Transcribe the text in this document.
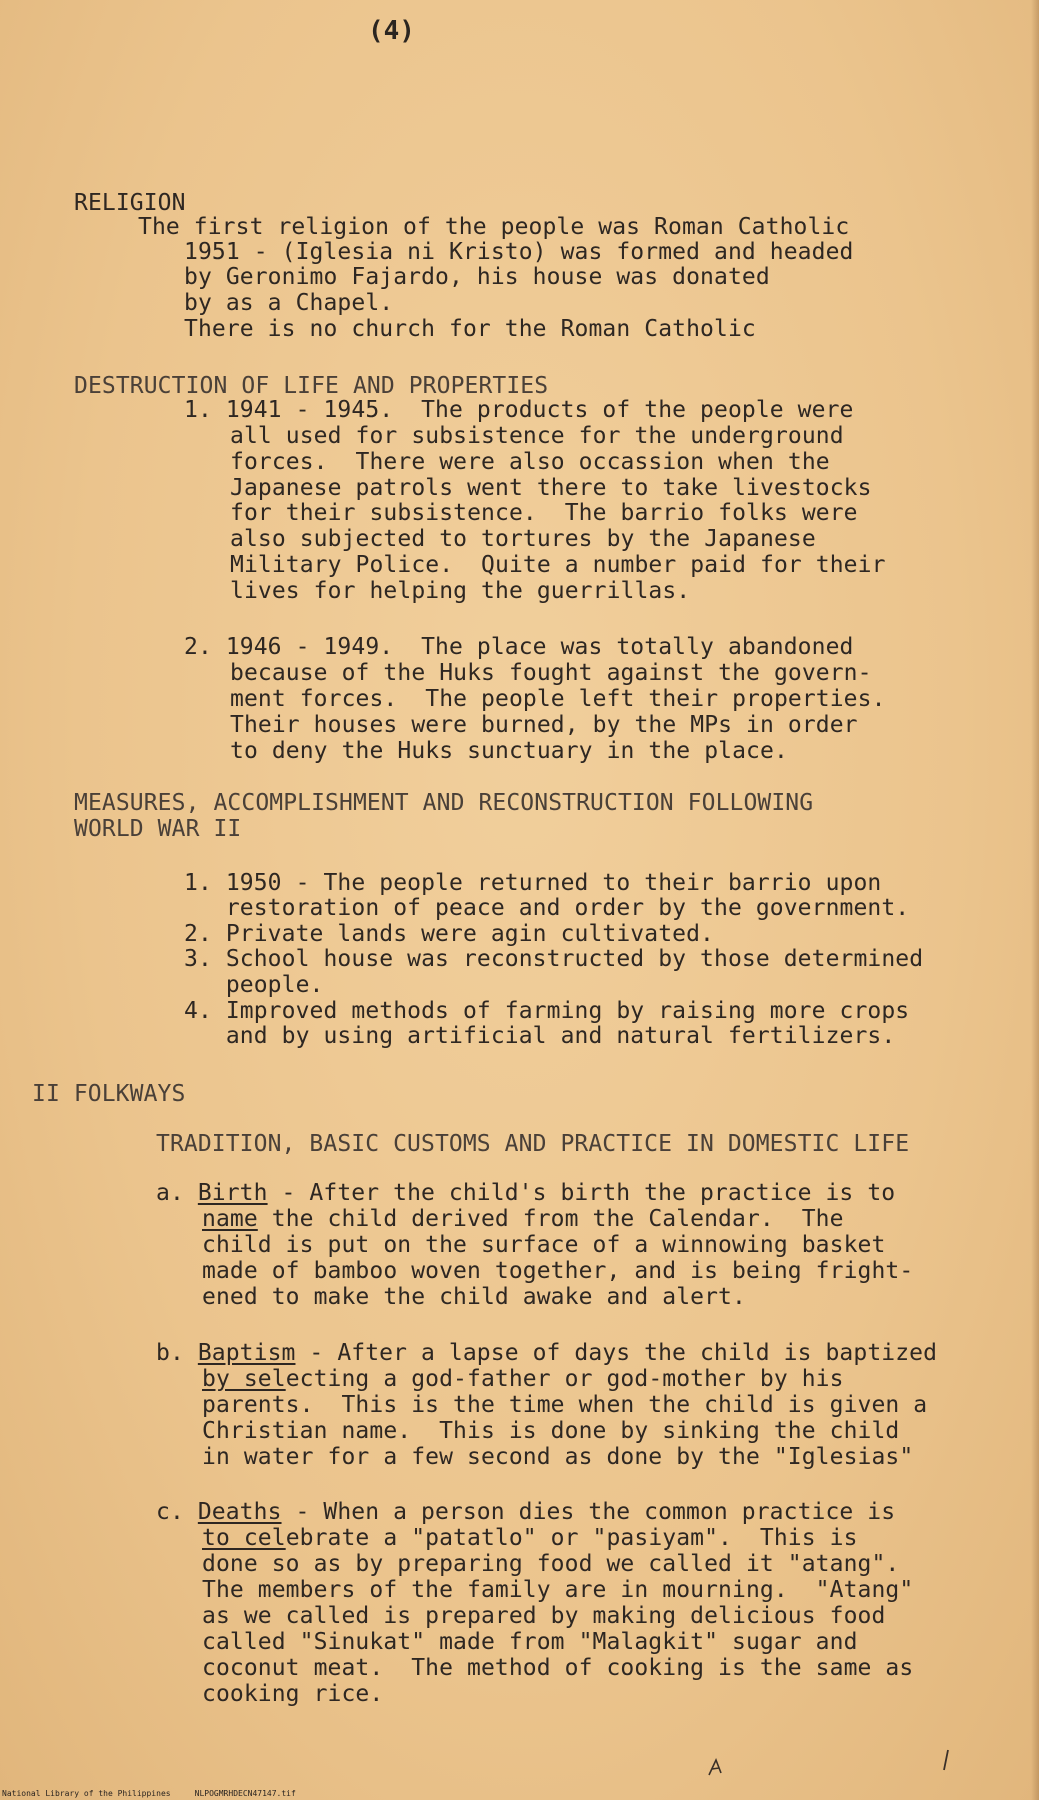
(4)
RELIGION
The first religion of the people was Roman Catholic
1951 - (Iglesia ni Kristo) was formed and headed
by Geronimo Fajardo, his house was donated
by as a Chapel.
There is no church for the Roman Catholic
DESTRUCTION OF LIFE AND PROPERTIES
1. 1941 - 1945.  The products of the people were
all used for subsistence for the underground
forces.  There were also occassion when the
Japanese patrols went there to take livestocks
for their subsistence.  The barrio folks were
also subjected to tortures by the Japanese
Military Police.  Quite a number paid for their
lives for helping the guerrillas.
2. 1946 - 1949.  The place was totally abandoned
because of the Huks fought against the govern-
ment forces.  The people left their properties.
Their houses were burned, by the MPs in order
to deny the Huks sunctuary in the place.
MEASURES, ACCOMPLISHMENT AND RECONSTRUCTION FOLLOWING
WORLD WAR II
1. 1950 - The people returned to their barrio upon
restoration of peace and order by the government.
2. Private lands were agin cultivated.
3. School house was reconstructed by those determined
people.
4. Improved methods of farming by raising more crops
and by using artificial and natural fertilizers.
II FOLKWAYS
TRADITION, BASIC CUSTOMS AND PRACTICE IN DOMESTIC LIFE
a. Birth - After the child's birth the practice is to
name the child derived from the Calendar.  The
child is put on the surface of a winnowing basket
made of bamboo woven together, and is being fright-
ened to make the child awake and alert.
b. Baptism - After a lapse of days the child is baptized
by selecting a god-father or god-mother by his
parents.  This is the time when the child is given a
Christian name.  This is done by sinking the child
in water for a few second as done by the "Iglesias"
c. Deaths - When a person dies the common practice is
to celebrate a "patatlo" or "pasiyam".  This is
done so as by preparing food we called it "atang".
The members of the family are in mourning.  "Atang"
as we called is prepared by making delicious food
called "Sinukat" made from "Malagkit" sugar and
coconut meat.  The method of cooking is the same as
cooking rice.
National Library of the Philippines     NLPOGMRHDECN47147.tif
